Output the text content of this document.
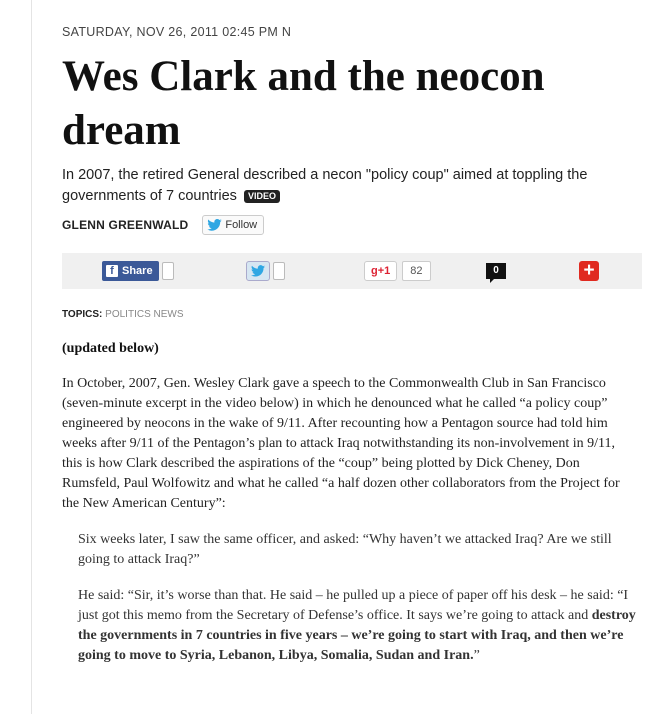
SATURDAY, NOV 26, 2011 02:45 PM N
Wes Clark and the neocon dream
In 2007, the retired General described a necon "policy coup" aimed at toppling the governments of 7 countries VIDEO
GLENN GREENWALD	Follow
f Share	g +1	82	0	+
TOPICS: POLITICS NEWS
(updated below)

In October, 2007, Gen. Wesley Clark gave a speech to the Commonwealth Club in San Francisco (seven-minute excerpt in the video below) in which he denounced what he called “a policy coup” engineered by neocons in the wake of 9/11. After recounting how a Pentagon source had told him weeks after 9/11 of the Pentagon’s plan to attack Iraq notwithstanding its non-involvement in 9/11, this is how Clark described the aspirations of the “coup” being plotted by Dick Cheney, Don Rumsfeld, Paul Wolfowitz and what he called “a half dozen other collaborators from the Project for the New American Century”:

Six weeks later, I saw the same officer, and asked: “Why haven’t we attacked Iraq? Are we still going to attack Iraq?”

He said: “Sir, it’s worse than that. He said – he pulled up a piece of paper off his desk – he said: “I just got this memo from the Secretary of Defense’s office. It says we’re going to attack and destroy the governments in 7 countries in five years – we’re going to start with Iraq, and then we’re going to move to Syria, Lebanon, Libya, Somalia, Sudan and Iran.”
